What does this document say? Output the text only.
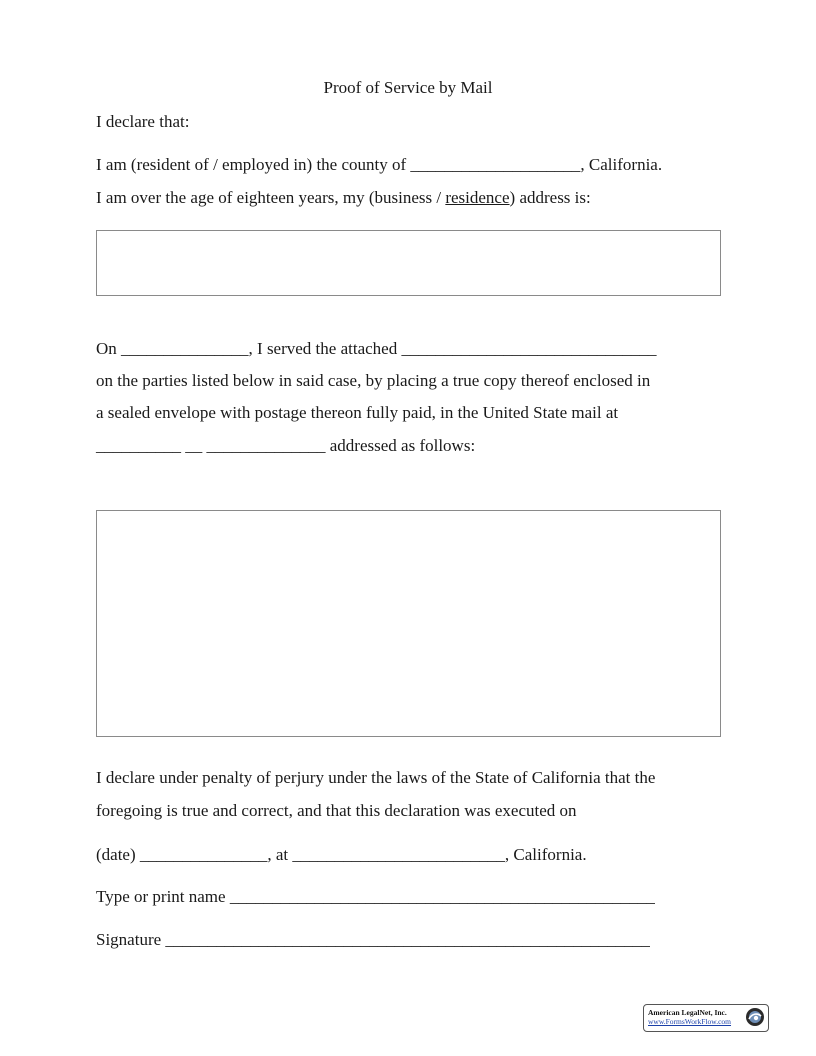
Proof of Service by Mail
I declare that:
I am (resident of / employed in) the county of ____________________, California.
I am over the age of eighteen years, my (business / residence) address is:
On _______________, I served the attached ______________________________
on the parties listed below in said case, by placing a true copy thereof enclosed in
a sealed envelope with postage thereon fully paid, in the United State mail at
__________ __ ______________ addressed as follows:
I declare under penalty of perjury under the laws of the State of California that the
foregoing is true and correct, and that this declaration was executed on
(date) _______________, at _________________________, California.
Type or print name __________________________________________________
Signature _________________________________________________________
American LegalNet, Inc.
www.FormsWorkFlow.com
